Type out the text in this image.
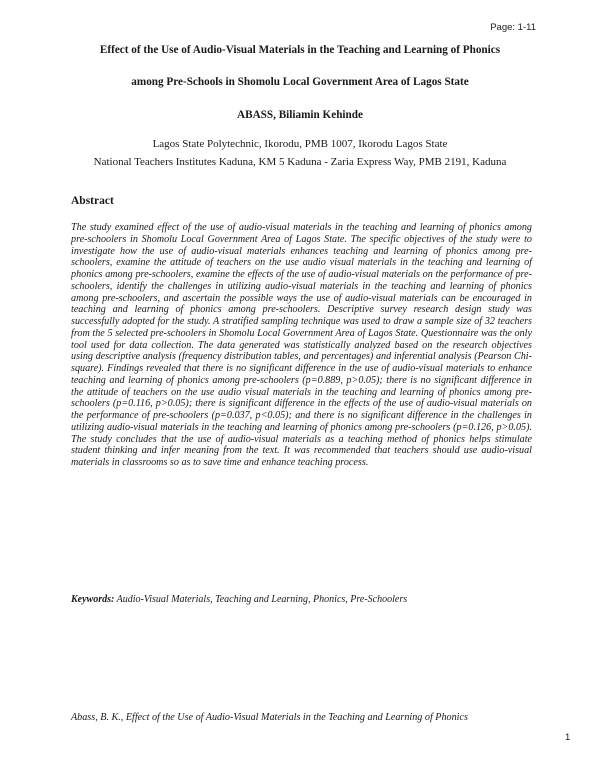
Page: 1-11
Effect of the Use of Audio-Visual Materials in the Teaching and Learning of Phonics
among Pre-Schools in Shomolu Local Government Area of Lagos State
ABASS, Biliamin Kehinde
Lagos State Polytechnic, Ikorodu, PMB 1007, Ikorodu Lagos State
National Teachers Institutes Kaduna, KM 5 Kaduna - Zaria Express Way, PMB 2191, Kaduna
Abstract
The study examined effect of the use of audio-visual materials in the teaching and learning of phonics among pre-schoolers in Shomolu Local Government Area of Lagos State. The specific objectives of the study were to investigate how the use of audio-visual materials enhances teaching and learning of phonics among pre-schoolers, examine the attitude of teachers on the use audio visual materials in the teaching and learning of phonics among pre-schoolers, examine the effects of the use of audio-visual materials on the performance of pre-schoolers, identify the challenges in utilizing audio-visual materials in the teaching and learning of phonics among pre-schoolers, and ascertain the possible ways the use of audio-visual materials can be encouraged in teaching and learning of phonics among pre-schoolers. Descriptive survey research design study was successfully adopted for the study. A stratified sampling technique was used to draw a sample size of 32 teachers from the 5 selected pre-schoolers in Shomolu Local Government Area of Lagos State. Questionnaire was the only tool used for data collection. The data generated was statistically analyzed based on the research objectives using descriptive analysis (frequency distribution tables, and percentages) and inferential analysis (Pearson Chi-square). Findings revealed that there is no significant difference in the use of audio-visual materials to enhance teaching and learning of phonics among pre-schoolers (p=0.889, p>0.05); there is no significant difference in the attitude of teachers on the use audio visual materials in the teaching and learning of phonics among pre-schoolers (p=0.116, p>0.05); there is significant difference in the effects of the use of audio-visual materials on the performance of pre-schoolers (p=0.037, p<0.05); and there is no significant difference in the challenges in utilizing audio-visual materials in the teaching and learning of phonics among pre-schoolers (p=0.126, p>0.05). The study concludes that the use of audio-visual materials as a teaching method of phonics helps stimulate student thinking and infer meaning from the text. It was recommended that teachers should use audio-visual materials in classrooms so as to save time and enhance teaching process.
Keywords: Audio-Visual Materials, Teaching and Learning, Phonics, Pre-Schoolers
Abass, B. K., Effect of the Use of Audio-Visual Materials in the Teaching and Learning of Phonics
1
